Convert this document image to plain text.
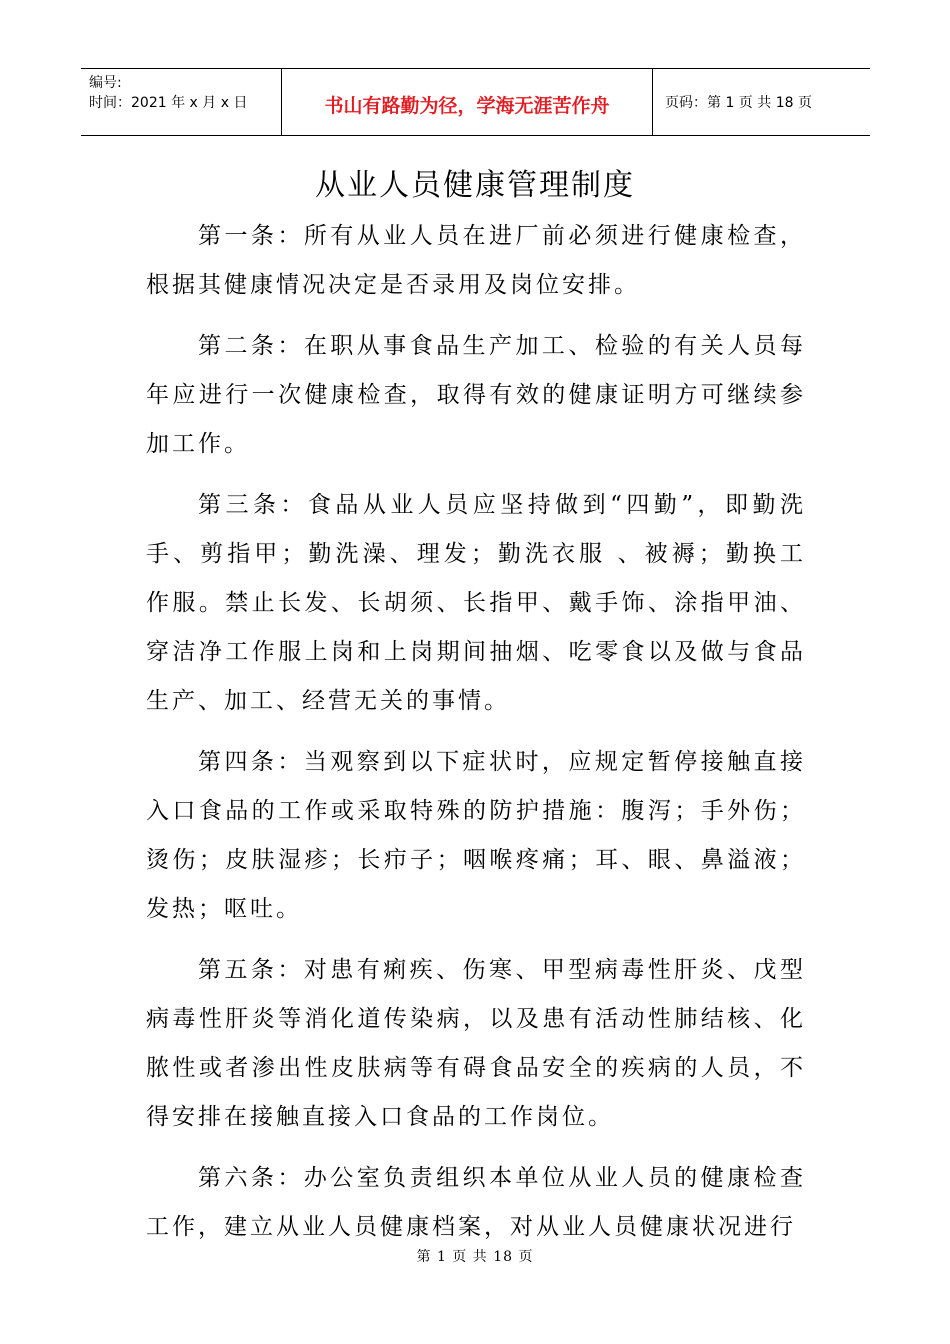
编号:
时间：2021 年 x 月 x 日	书山有路勤为径，学海无涯苦作舟	页码：第 1 页 共 18 页
从业人员健康管理制度

第一条：所有从业人员在进厂前必须进行健康检查，根据其健康情况决定是否录用及岗位安排。

第二条：在职从事食品生产加工、检验的有关人员每年应进行一次健康检查，取得有效的健康证明方可继续参加工作。

第三条：食品从业人员应坚持做到“四勤”，即勤洗手、剪指甲；勤洗澡、理发；勤洗衣服 、被褥；勤换工作服。禁止长发、长胡须、长指甲、戴手饰、涂指甲油、穿洁净工作服上岗和上岗期间抽烟、吃零食以及做与食品生产、加工、经营无关的事情。

第四条：当观察到以下症状时，应规定暂停接触直接入口食品的工作或采取特殊的防护措施：腹泻；手外伤；烫伤；皮肤湿疹；长疖子；咽喉疼痛；耳、眼、鼻溢液；发热；呕吐。

第五条：对患有痢疾、伤寒、甲型病毒性肝炎、戊型病毒性肝炎等消化道传染病，以及患有活动性肺结核、化脓性或者渗出性皮肤病等有碍食品安全的疾病的人员，不得安排在接触直接入口食品的工作岗位。

第六条：办公室负责组织本单位从业人员的健康检查工作，建立从业人员健康档案，对从业人员健康状况进行

第 1 页 共 18 页
